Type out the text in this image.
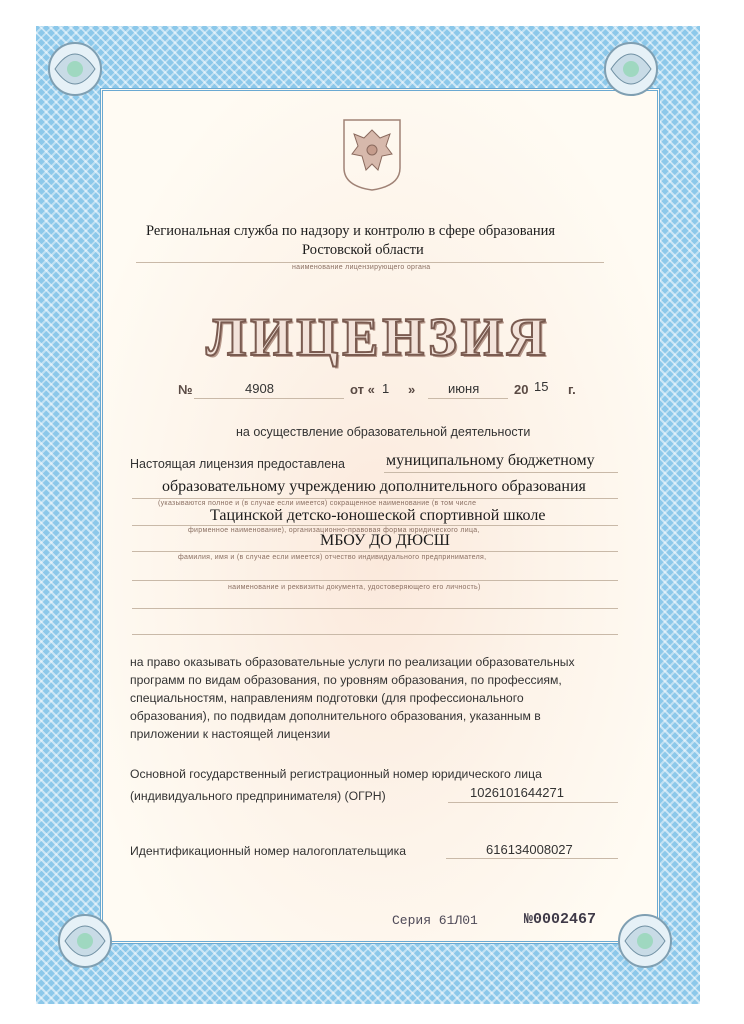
Региональная служба по надзору и контролю в сфере образования
Ростовской области
наименование лицензирующего органа
ЛИЦЕНЗИЯ
№	4908	от « 1 »	июня	20 15 г.
на осуществление образовательной деятельности
Настоящая лицензия предоставлена	муниципальному бюджетному
образовательному учреждению дополнительного образования
(указываются полное и (в случае если имеется) сокращенное наименование (в том числе
Тацинской детско-юношеской спортивной школе
фирменное наименование), организационно-правовая форма юридического лица,
МБОУ ДО ДЮСШ
фамилия, имя и (в случае если имеется) отчество индивидуального предпринимателя,
наименование и реквизиты документа, удостоверяющего его личность)
на право оказывать образовательные услуги по реализации образовательных
программ по видам образования, по уровням образования, по профессиям,
специальностям, направлениям подготовки (для профессионального
образования), по подвидам дополнительного образования, указанным в
приложении к настоящей лицензии
Основной государственный регистрационный номер юридического лица
(индивидуального предпринимателя) (ОГРН)	1026101644271
Идентификационный номер налогоплательщика	616134008027
Серия 61Л01	№0002467
